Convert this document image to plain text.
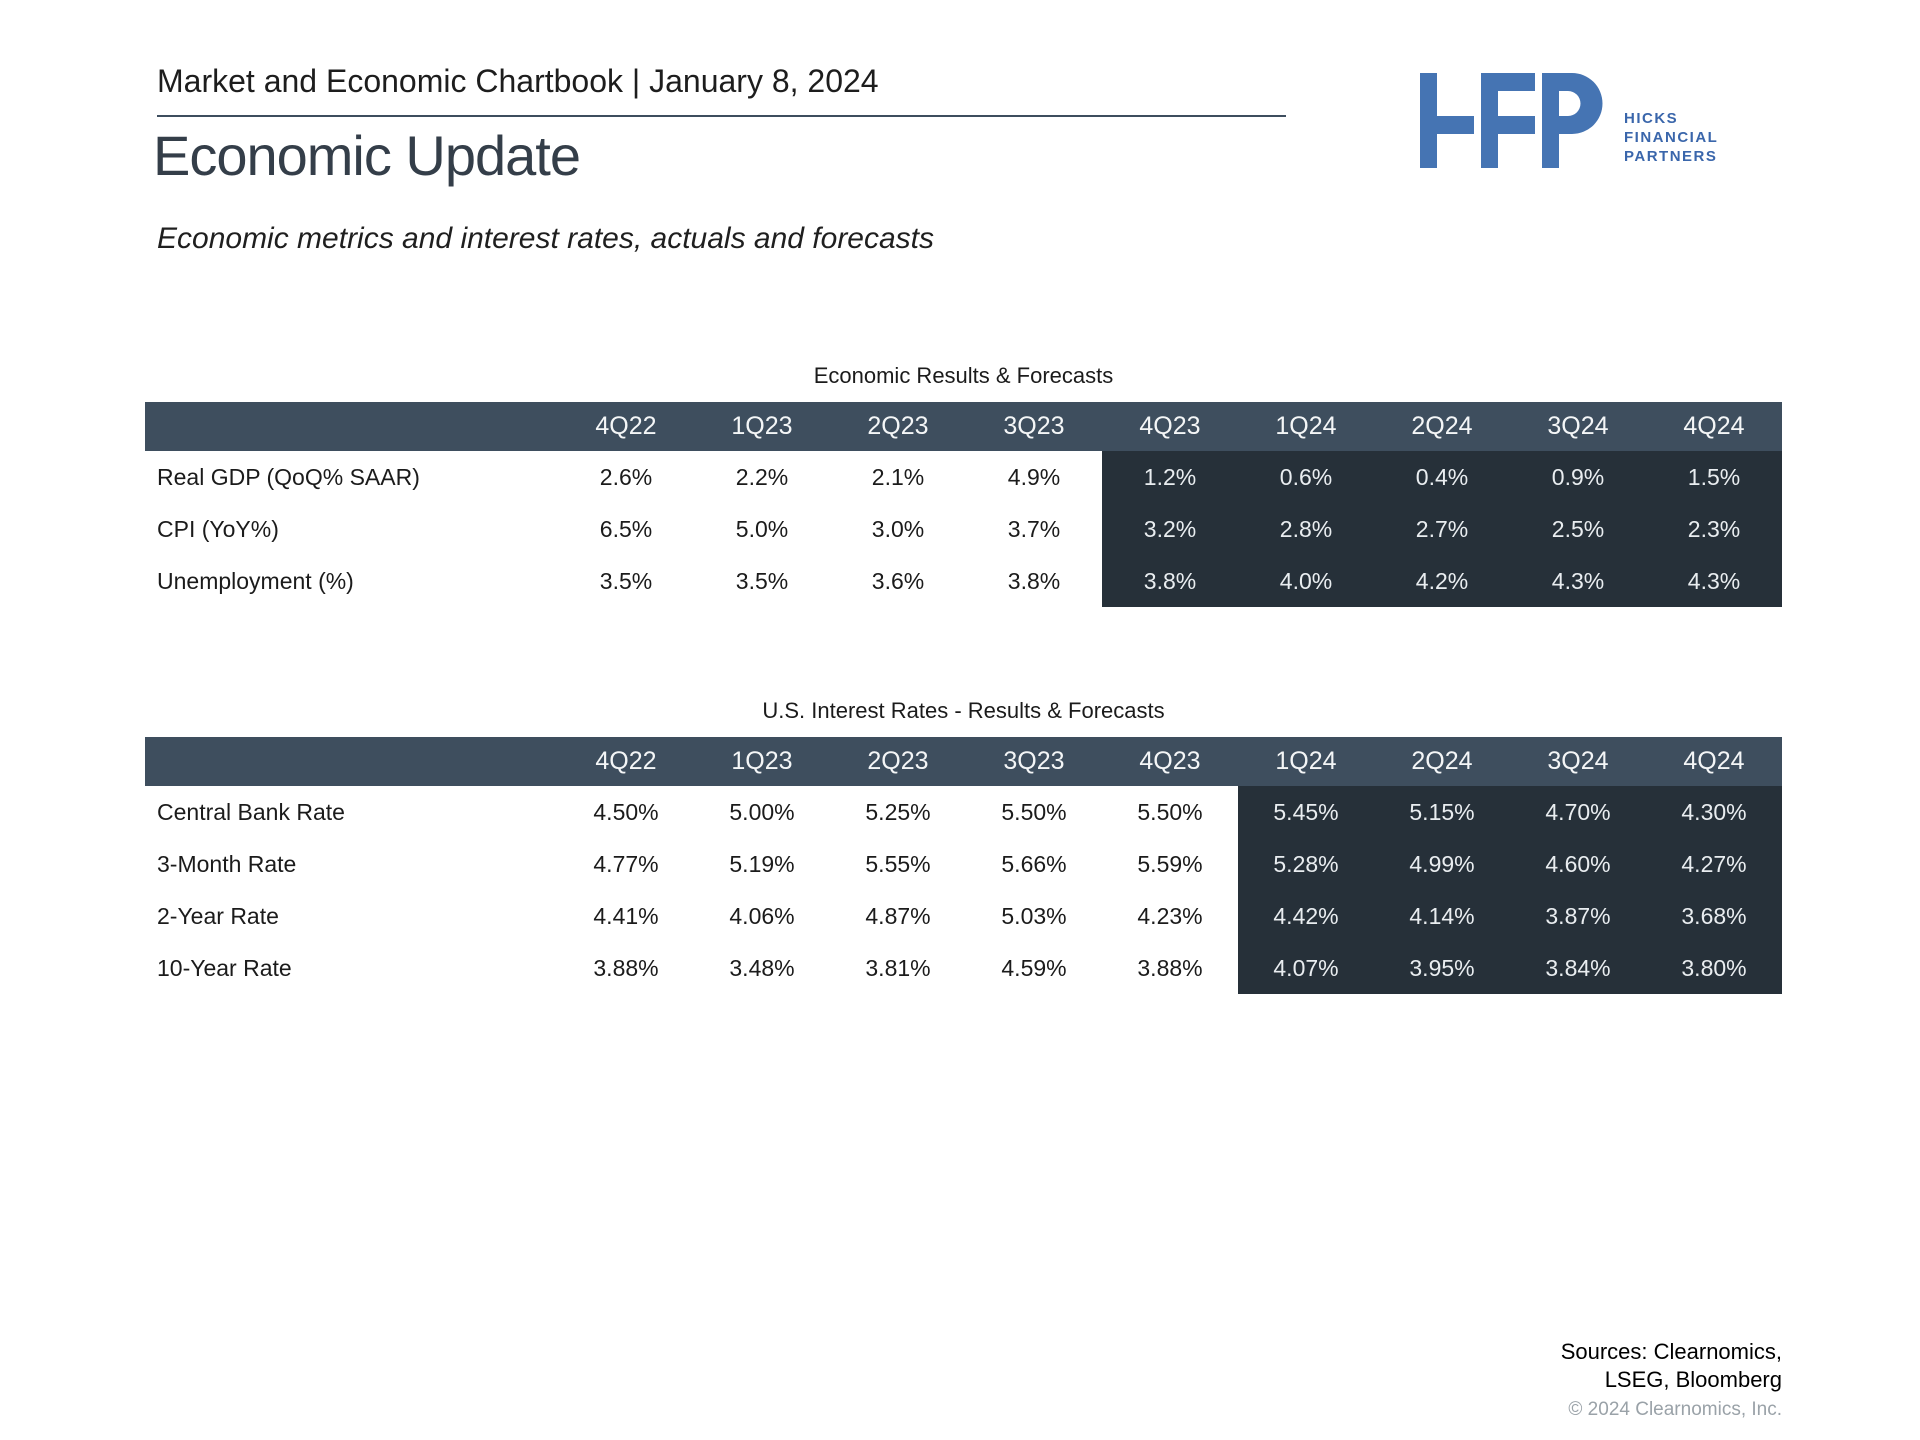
Market and Economic Chartbook | January 8, 2024
Economic Update
Economic metrics and interest rates, actuals and forecasts
HICKS
FINANCIAL
PARTNERS
Economic Results & Forecasts
4Q22	1Q23	2Q23	3Q23	4Q23	1Q24	2Q24	3Q24	4Q24
Real GDP (QoQ% SAAR)	2.6%	2.2%	2.1%	4.9%	1.2%	0.6%	0.4%	0.9%	1.5%
CPI (YoY%)	6.5%	5.0%	3.0%	3.7%	3.2%	2.8%	2.7%	2.5%	2.3%
Unemployment (%)	3.5%	3.5%	3.6%	3.8%	3.8%	4.0%	4.2%	4.3%	4.3%
U.S. Interest Rates - Results & Forecasts
4Q22	1Q23	2Q23	3Q23	4Q23	1Q24	2Q24	3Q24	4Q24
Central Bank Rate	4.50%	5.00%	5.25%	5.50%	5.50%	5.45%	5.15%	4.70%	4.30%
3-Month Rate	4.77%	5.19%	5.55%	5.66%	5.59%	5.28%	4.99%	4.60%	4.27%
2-Year Rate	4.41%	4.06%	4.87%	5.03%	4.23%	4.42%	4.14%	3.87%	3.68%
10-Year Rate	3.88%	3.48%	3.81%	4.59%	3.88%	4.07%	3.95%	3.84%	3.80%
Sources: Clearnomics,
LSEG, Bloomberg
© 2024 Clearnomics, Inc.
